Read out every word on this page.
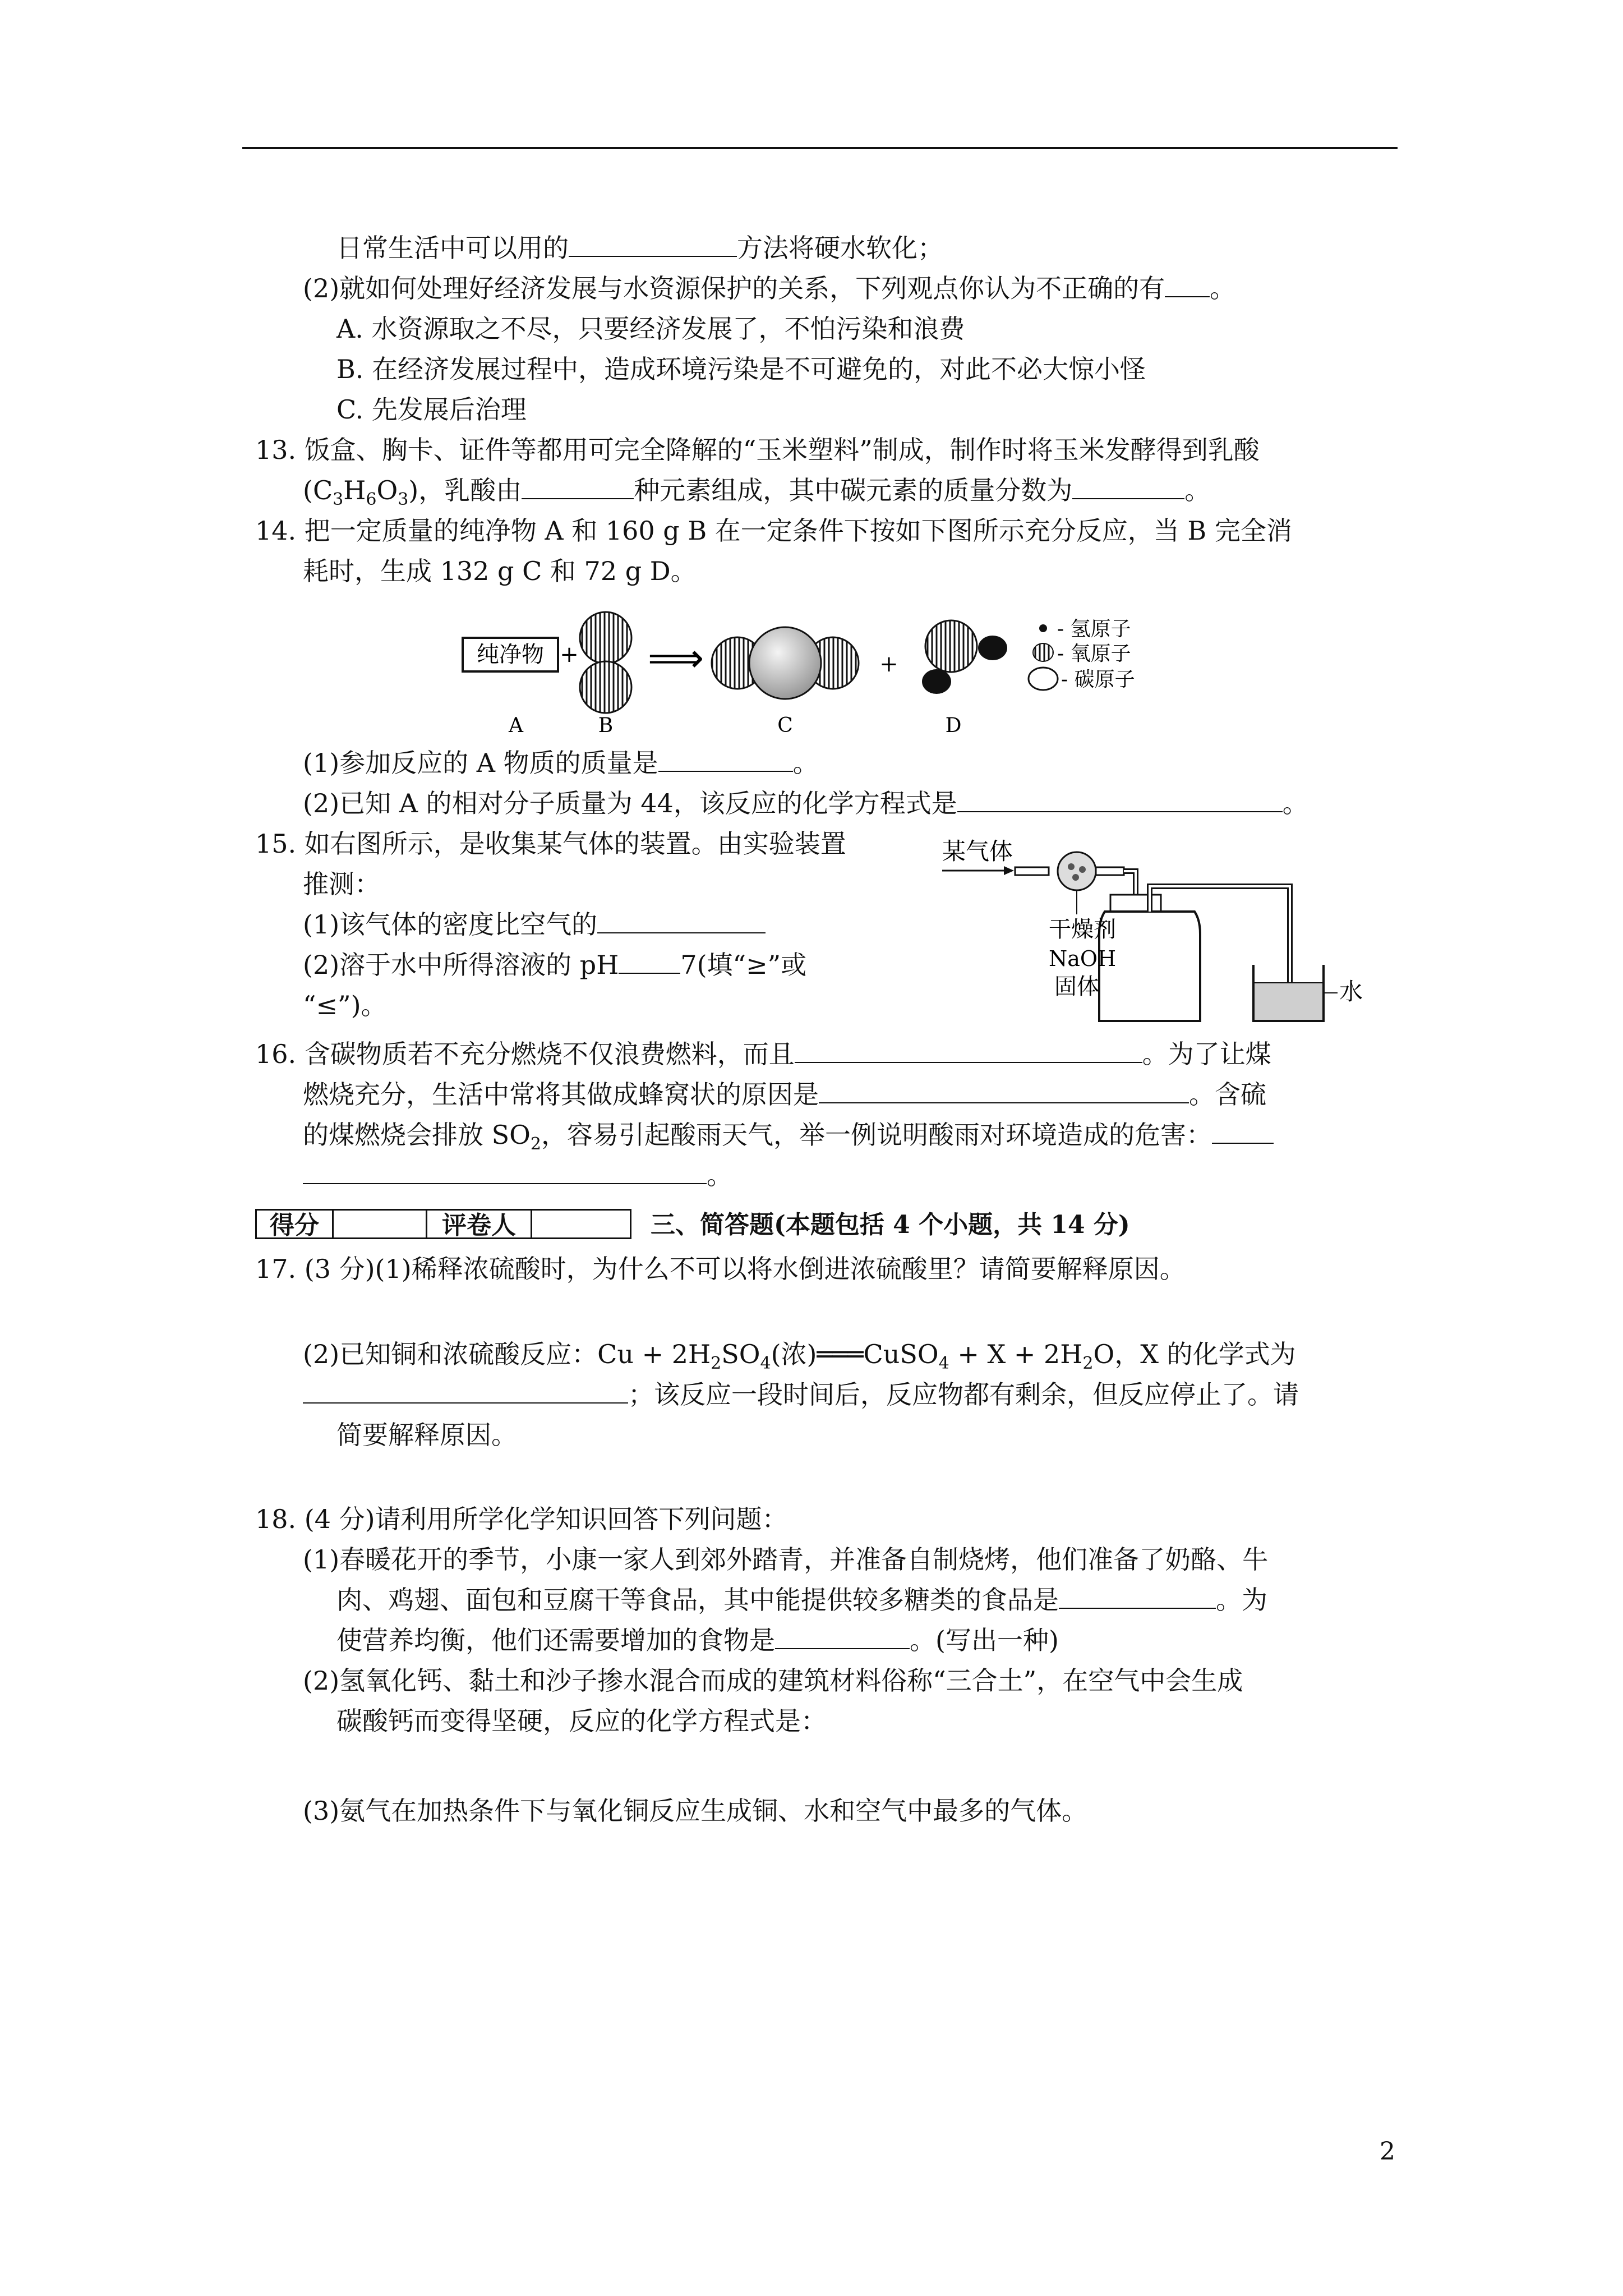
日常生活中可以用的	方法将硬水软化；
(2)就如何处理好经济发展与水资源保护的关系，下列观点你认为不正确的有 。
A. 水资源取之不尽，只要经济发展了，不怕污染和浪费
B. 在经济发展过程中，造成环境污染是不可避免的，对此不必大惊小怪
C. 先发展后治理
13. 饭盒、胸卡、证件等都用可完全降解的“玉米塑料”制成，制作时将玉米发酵得到乳酸
$(C_3H_6O_3)$，乳酸由	种元素组成，其中碳元素的质量分数为	。
14. 把一定质量的纯净物 A 和 160 g B 在一定条件下按如下图所示充分反应，当 B 完全消
耗时，生成 132 g C 和 72 g D。
纯净物 + ⟹	+
- 氢原子
- 氧原子
- 碳原子
A	B	C	D
(1)参加反应的 A 物质的质量是	。
(2)已知 A 的相对分子质量为 44，该反应的化学方程式是	。
15. 如右图所示，是收集某气体的装置。由实验装置
推测：
(1)该气体的密度比空气的
(2)溶于水中所得溶液的 pH 7(填“≥”或
“≤”)。
某气体
水
干燥剂
NaOH
固体
16. 含碳物质若不充分燃烧不仅浪费燃料，而且	。为了让煤
燃烧充分，生活中常将其做成蜂窝状的原因是	。含硫
的煤燃烧会排放 $SO_2$，容易引起酸雨天气，举一例说明酸雨对环境造成的危害：
。
得分	评卷人	三、简答题(本题包括 4 个小题，共 14 分)
17. (3 分)(1)稀释浓硫酸时，为什么不可以将水倒进浓硫酸里？请简要解释原因。
(2)已知铜和浓硫酸反应：$Cu + 2H_2SO_4$(浓)═══CuSO$_4$ + $X + 2H_2O$，X 的化学式为
；该反应一段时间后，反应物都有剩余，但反应停止了。请
简要解释原因。
18. (4 分)请利用所学化学知识回答下列问题：
(1)春暖花开的季节，小康一家人到郊外踏青，并准备自制烧烤，他们准备了奶酪、牛
肉、鸡翅、面包和豆腐干等食品，其中能提供较多糖类的食品是	。为
使营养均衡，他们还需要增加的食物是	。(写出一种)
(2)氢氧化钙、黏土和沙子掺水混合而成的建筑材料俗称“三合土”，在空气中会生成
碳酸钙而变得坚硬，反应的化学方程式是：
(3)氨气在加热条件下与氧化铜反应生成铜、水和空气中最多的气体。
2
